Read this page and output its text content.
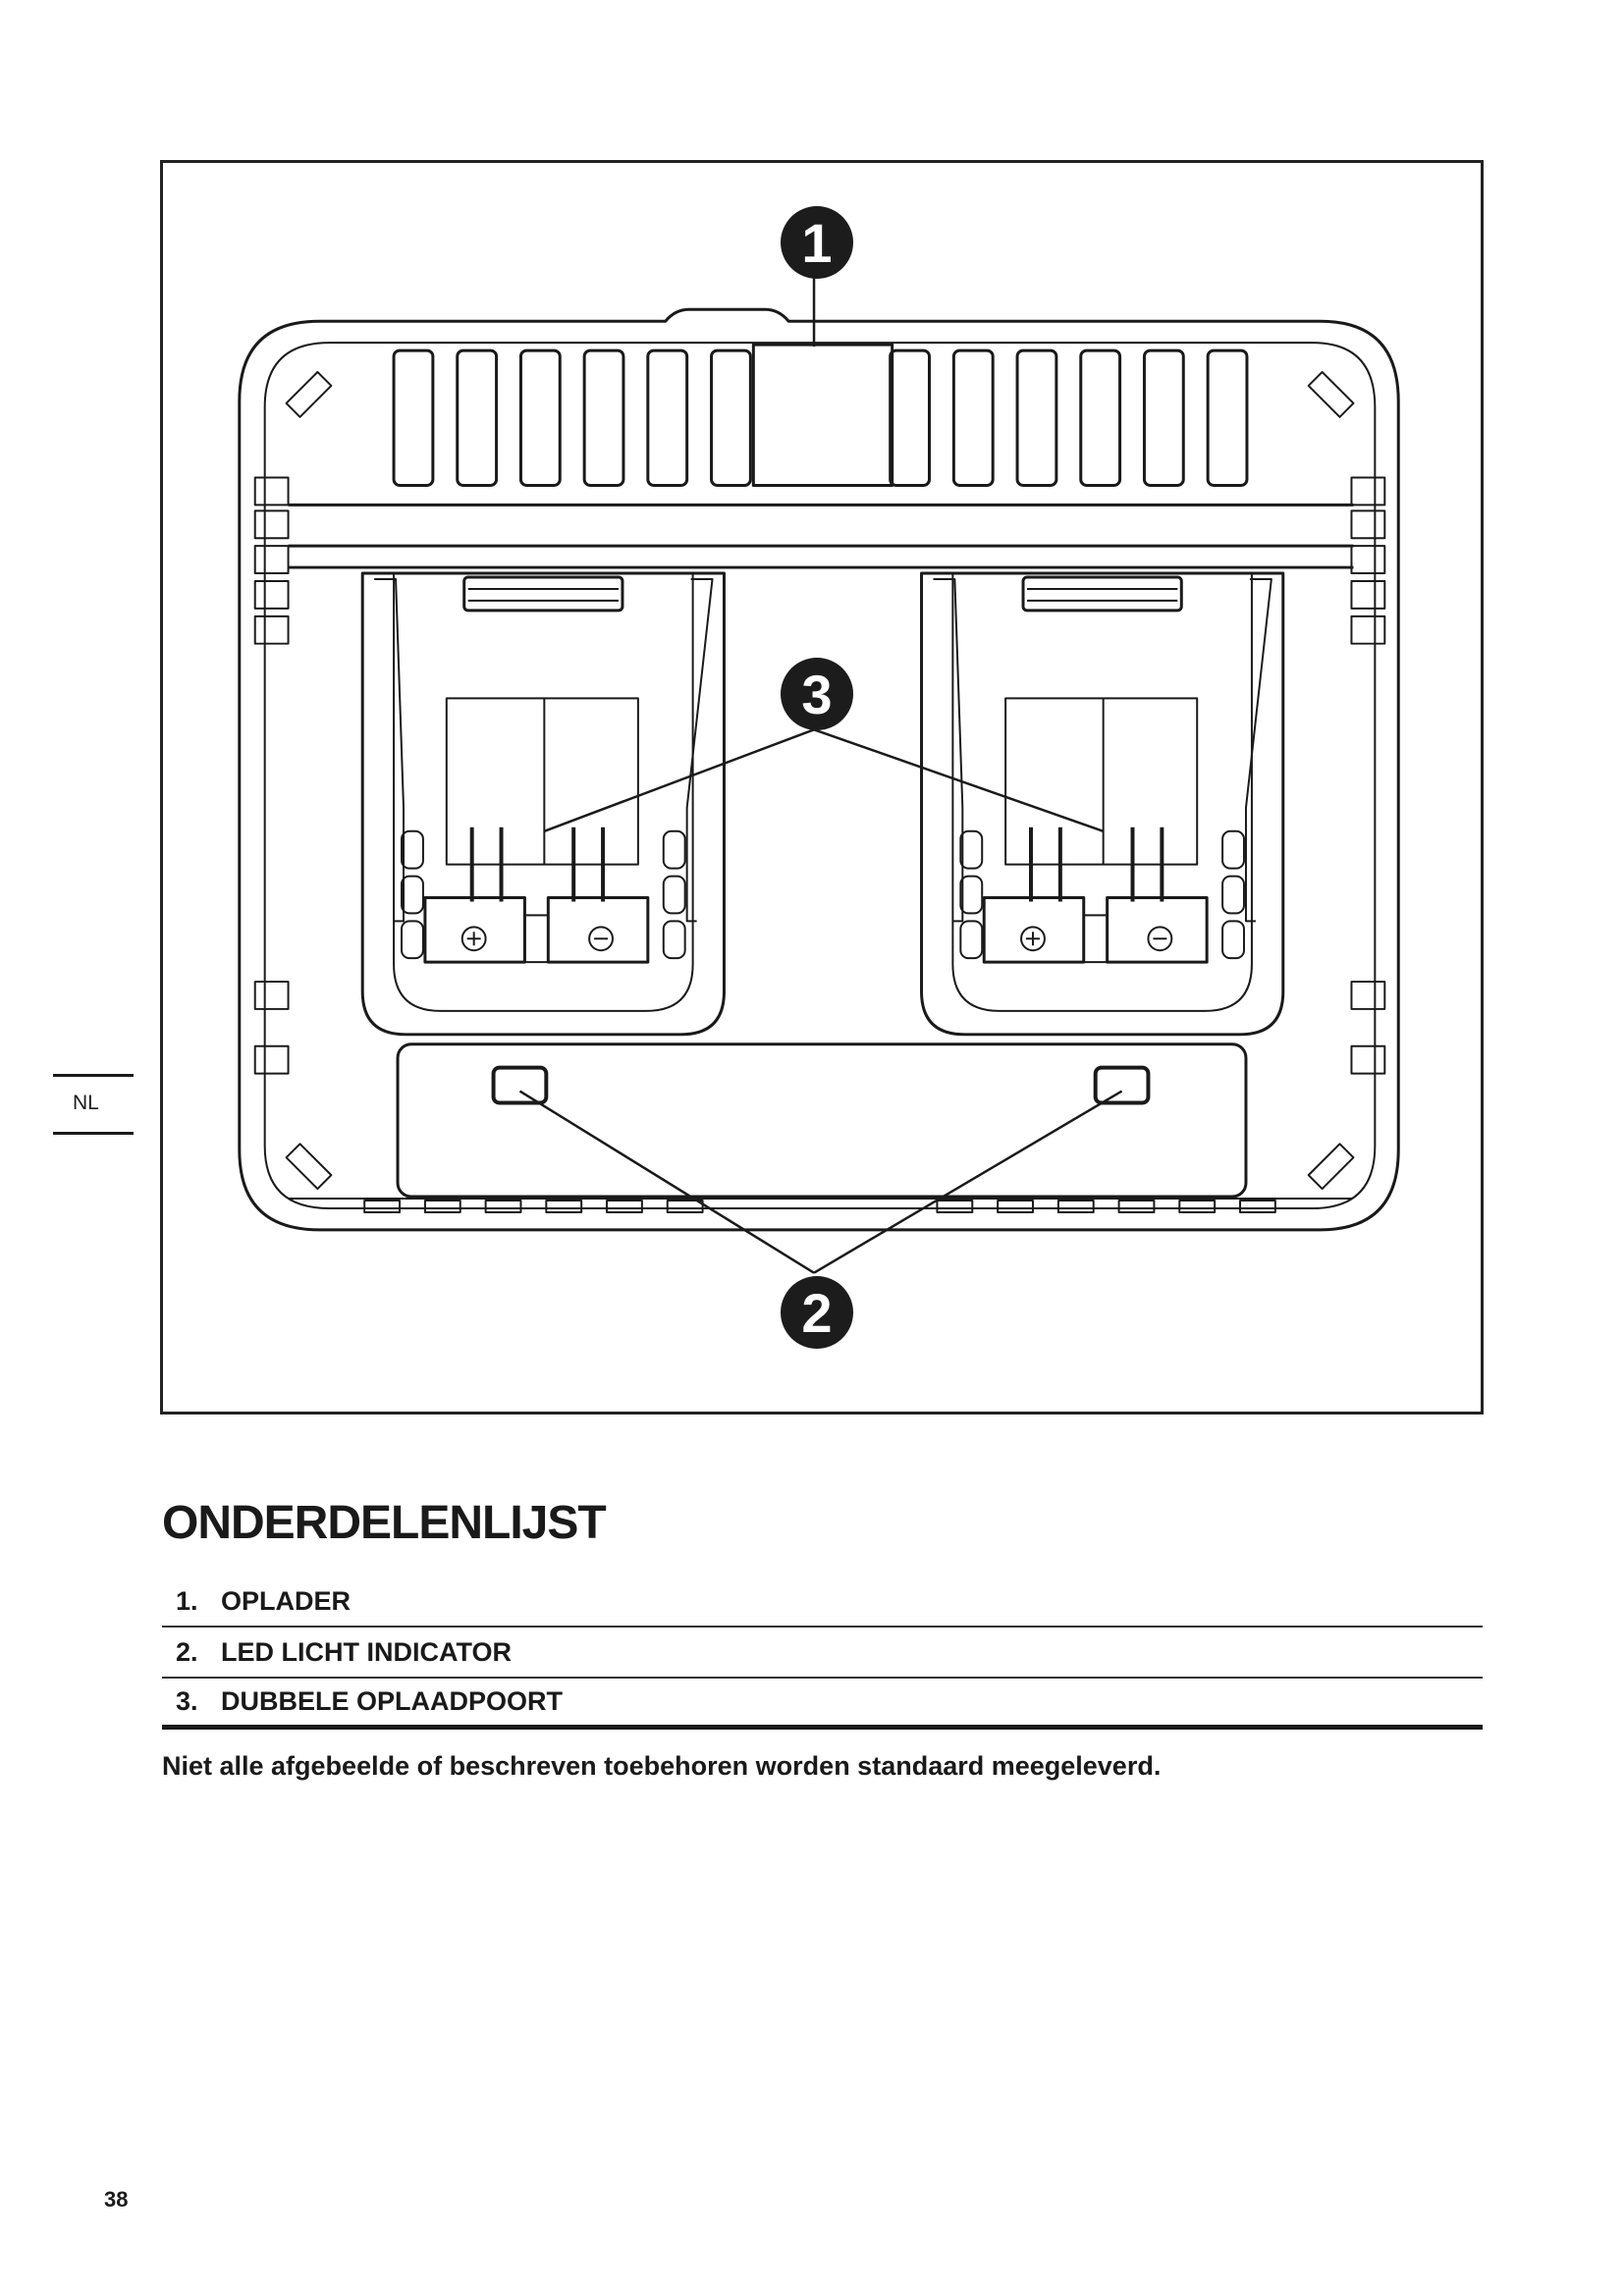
NL
1
3
2
ONDERDELENLIJST
1. OPLADER
2. LED LICHT INDICATOR
3. DUBBELE OPLAADPOORT

Niet alle afgebeelde of beschreven toebehoren worden standaard meegeleverd.

38
